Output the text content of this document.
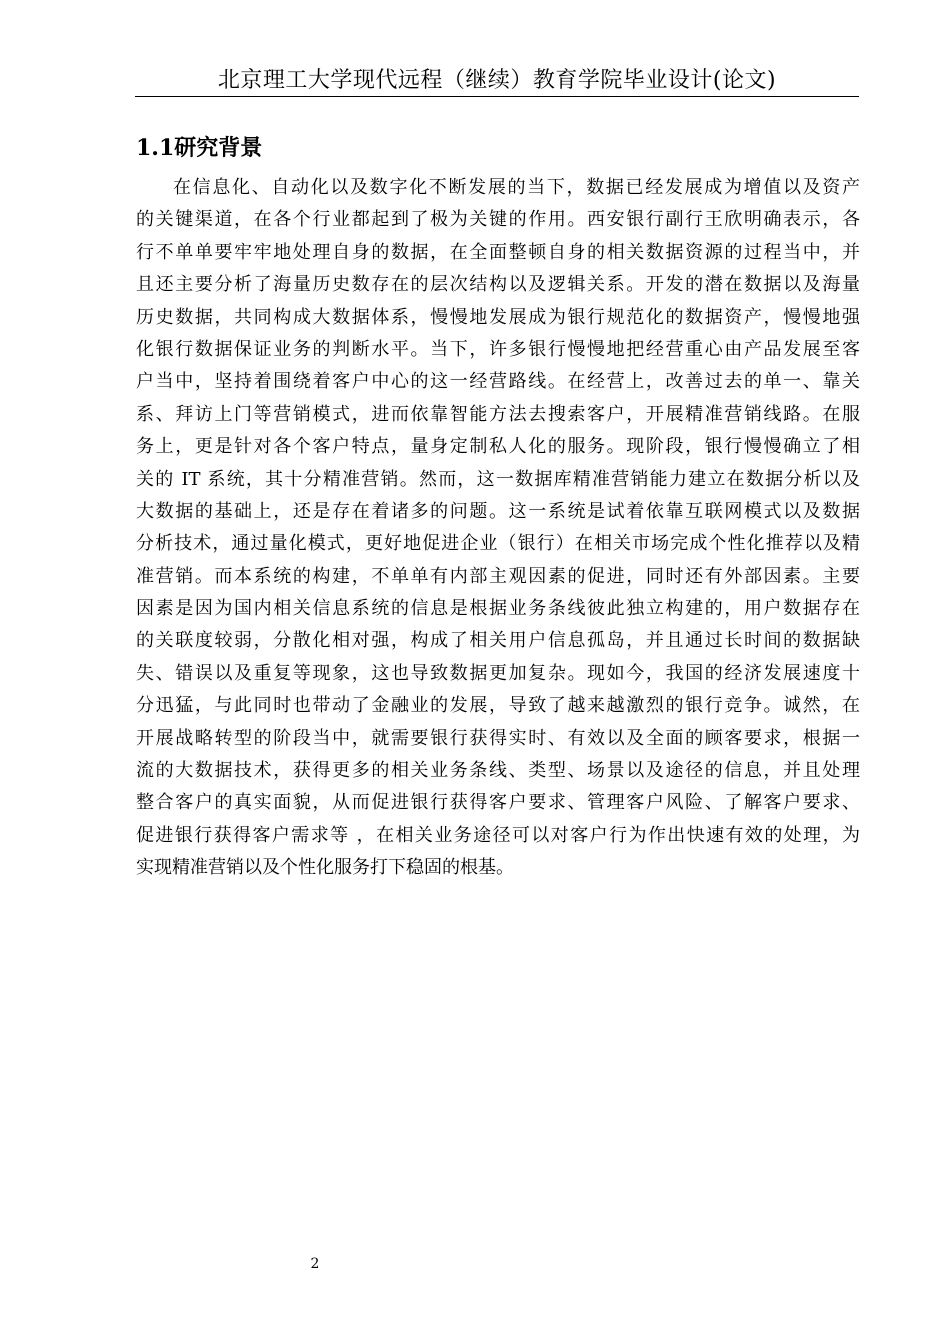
北京理工大学现代远程（继续）教育学院毕业设计(论文)
1.1研究背景
在信息化、自动化以及数字化不断发展的当下，数据已经发展成为增值以及资产
的关键渠道，在各个行业都起到了极为关键的作用。西安银行副行王欣明确表示，各
行不单单要牢牢地处理自身的数据，在全面整顿自身的相关数据资源的过程当中，并
且还主要分析了海量历史数存在的层次结构以及逻辑关系。开发的潜在数据以及海量
历史数据，共同构成大数据体系，慢慢地发展成为银行规范化的数据资产，慢慢地强
化银行数据保证业务的判断水平。当下，许多银行慢慢地把经营重心由产品发展至客
户当中，坚持着围绕着客户中心的这一经营路线。在经营上，改善过去的单一、靠关
系、拜访上门等营销模式，进而依靠智能方法去搜索客户，开展精准营销线路。在服
务上，更是针对各个客户特点，量身定制私人化的服务。现阶段，银行慢慢确立了相
关的 IT 系统，其十分精准营销。然而，这一数据库精准营销能力建立在数据分析以及
大数据的基础上，还是存在着诸多的问题。这一系统是试着依靠互联网模式以及数据
分析技术，通过量化模式，更好地促进企业（银行）在相关市场完成个性化推荐以及精
准营销。而本系统的构建，不单单有内部主观因素的促进，同时还有外部因素。主要
因素是因为国内相关信息系统的信息是根据业务条线彼此独立构建的，用户数据存在
的关联度较弱，分散化相对强，构成了相关用户信息孤岛，并且通过长时间的数据缺
失、错误以及重复等现象，这也导致数据更加复杂。现如今，我国的经济发展速度十
分迅猛，与此同时也带动了金融业的发展，导致了越来越激烈的银行竞争。诚然，在
开展战略转型的阶段当中，就需要银行获得实时、有效以及全面的顾客要求，根据一
流的大数据技术，获得更多的相关业务条线、类型、场景以及途径的信息，并且处理
整合客户的真实面貌，从而促进银行获得客户要求、管理客户风险、了解客户要求、
促进银行获得客户需求等 ，在相关业务途径可以对客户行为作出快速有效的处理，为
实现精准营销以及个性化服务打下稳固的根基。
2
